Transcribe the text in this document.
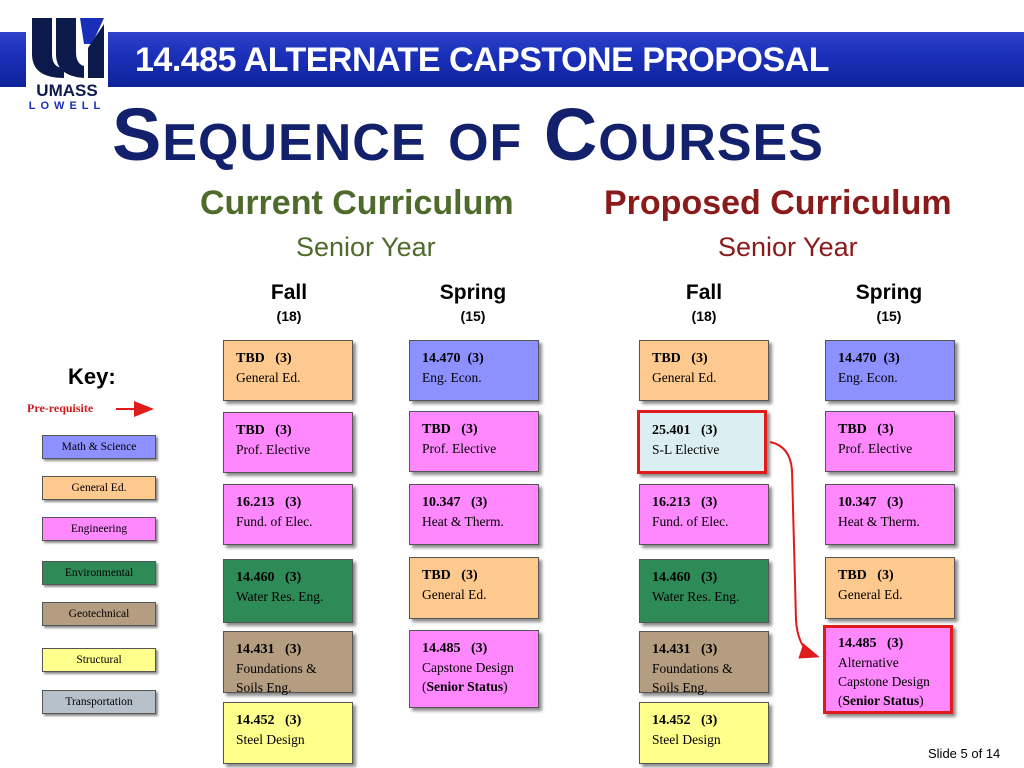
14.485 ALTERNATE CAPSTONE PROPOSAL
UMASS
LOWELL Sequence of Courses
Current Curriculum	Proposed Curriculum
Senior Year	Senior Year
Fall
(18)
Spring
(15)
Fall
(18)
Spring
(15)
TBD   (3)
General Ed.
TBD   (3)
Prof. Elective
16.213   (3)
Fund. of Elec.
14.460   (3)
Water Res. Eng.
14.431   (3)
Foundations &
Soils Eng.
14.452   (3)
Steel Design
14.470  (3)
Eng. Econ.
TBD   (3)
Prof. Elective
10.347   (3)
Heat & Therm.
TBD   (3)
General Ed.
14.485   (3)
Capstone Design
(Senior Status)
TBD   (3)
General Ed.
25.401   (3)
S-L Elective
16.213   (3)
Fund. of Elec.
14.460   (3)
Water Res. Eng.
14.431   (3)
Foundations &
Soils Eng.
14.452   (3)
Steel Design
14.470  (3)
Eng. Econ.
TBD   (3)
Prof. Elective
10.347   (3)
Heat & Therm.
TBD   (3)
General Ed.
14.485   (3)
Alternative
Capstone Design
(Senior Status)
Key:
Pre-requisite
Math & Science
General Ed.
Engineering
Environmental
Geotechnical
Structural
Transportation
Slide 5 of 14
